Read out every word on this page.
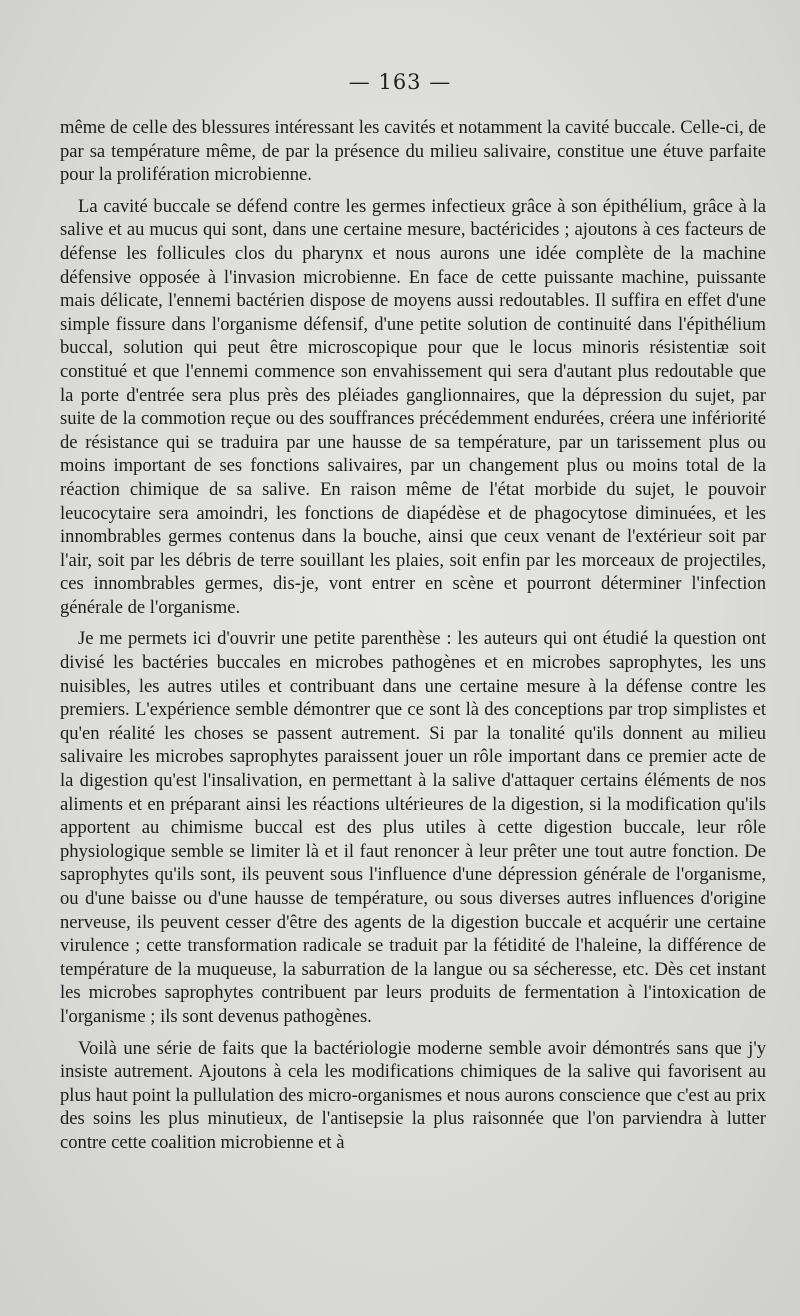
— 163 —

même de celle des blessures intéressant les cavités et notamment la cavité buccale. Celle-ci, de par sa température même, de par la présence du milieu salivaire, constitue une étuve parfaite pour la prolifération microbienne.

La cavité buccale se défend contre les germes infectieux grâce à son épithélium, grâce à la salive et au mucus qui sont, dans une certaine mesure, bactéricides ; ajoutons à ces facteurs de défense les follicules clos du pharynx et nous aurons une idée complète de la machine défensive opposée à l'invasion microbienne. En face de cette puissante machine, puissante mais délicate, l'ennemi bactérien dispose de moyens aussi redoutables. Il suffira en effet d'une simple fissure dans l'organisme défensif, d'une petite solution de continuité dans l'épithélium buccal, solution qui peut être microscopique pour que le locus minoris résistentiæ soit constitué et que l'ennemi commence son envahissement qui sera d'autant plus redoutable que la porte d'entrée sera plus près des pléiades ganglionnaires, que la dépression du sujet, par suite de la commotion reçue ou des souffrances précédemment endurées, créera une infériorité de résistance qui se traduira par une hausse de sa température, par un tarissement plus ou moins important de ses fonctions salivaires, par un changement plus ou moins total de la réaction chimique de sa salive. En raison même de l'état morbide du sujet, le pouvoir leucocytaire sera amoindri, les fonctions de diapédèse et de phagocytose diminuées, et les innombrables germes contenus dans la bouche, ainsi que ceux venant de l'extérieur soit par l'air, soit par les débris de terre souillant les plaies, soit enfin par les morceaux de projectiles, ces innombrables germes, dis-je, vont entrer en scène et pourront déterminer l'infection générale de l'organisme.

Je me permets ici d'ouvrir une petite parenthèse : les auteurs qui ont étudié la question ont divisé les bactéries buccales en microbes pathogènes et en microbes saprophytes, les uns nuisibles, les autres utiles et contribuant dans une certaine mesure à la défense contre les premiers. L'expérience semble démontrer que ce sont là des conceptions par trop simplistes et qu'en réalité les choses se passent autrement. Si par la tonalité qu'ils donnent au milieu salivaire les microbes saprophytes paraissent jouer un rôle important dans ce premier acte de la digestion qu'est l'insalivation, en permettant à la salive d'attaquer certains éléments de nos aliments et en préparant ainsi les réactions ultérieures de la digestion, si la modification qu'ils apportent au chimisme buccal est des plus utiles à cette digestion buccale, leur rôle physiologique semble se limiter là et il faut renoncer à leur prêter une tout autre fonction. De saprophytes qu'ils sont, ils peuvent sous l'influence d'une dépression générale de l'organisme, ou d'une baisse ou d'une hausse de température, ou sous diverses autres influences d'origine nerveuse, ils peuvent cesser d'être des agents de la digestion buccale et acquérir une certaine virulence ; cette transformation radicale se traduit par la fétidité de l'haleine, la différence de température de la muqueuse, la saburration de la langue ou sa sécheresse, etc. Dès cet instant les microbes saprophytes contribuent par leurs produits de fermentation à l'intoxication de l'organisme ; ils sont devenus pathogènes.

Voilà une série de faits que la bactériologie moderne semble avoir démontrés sans que j'y insiste autrement. Ajoutons à cela les modifications chimiques de la salive qui favorisent au plus haut point la pullulation des micro-organismes et nous aurons conscience que c'est au prix des soins les plus minutieux, de l'antisepsie la plus raisonnée que l'on parviendra à lutter contre cette coalition microbienne et à
